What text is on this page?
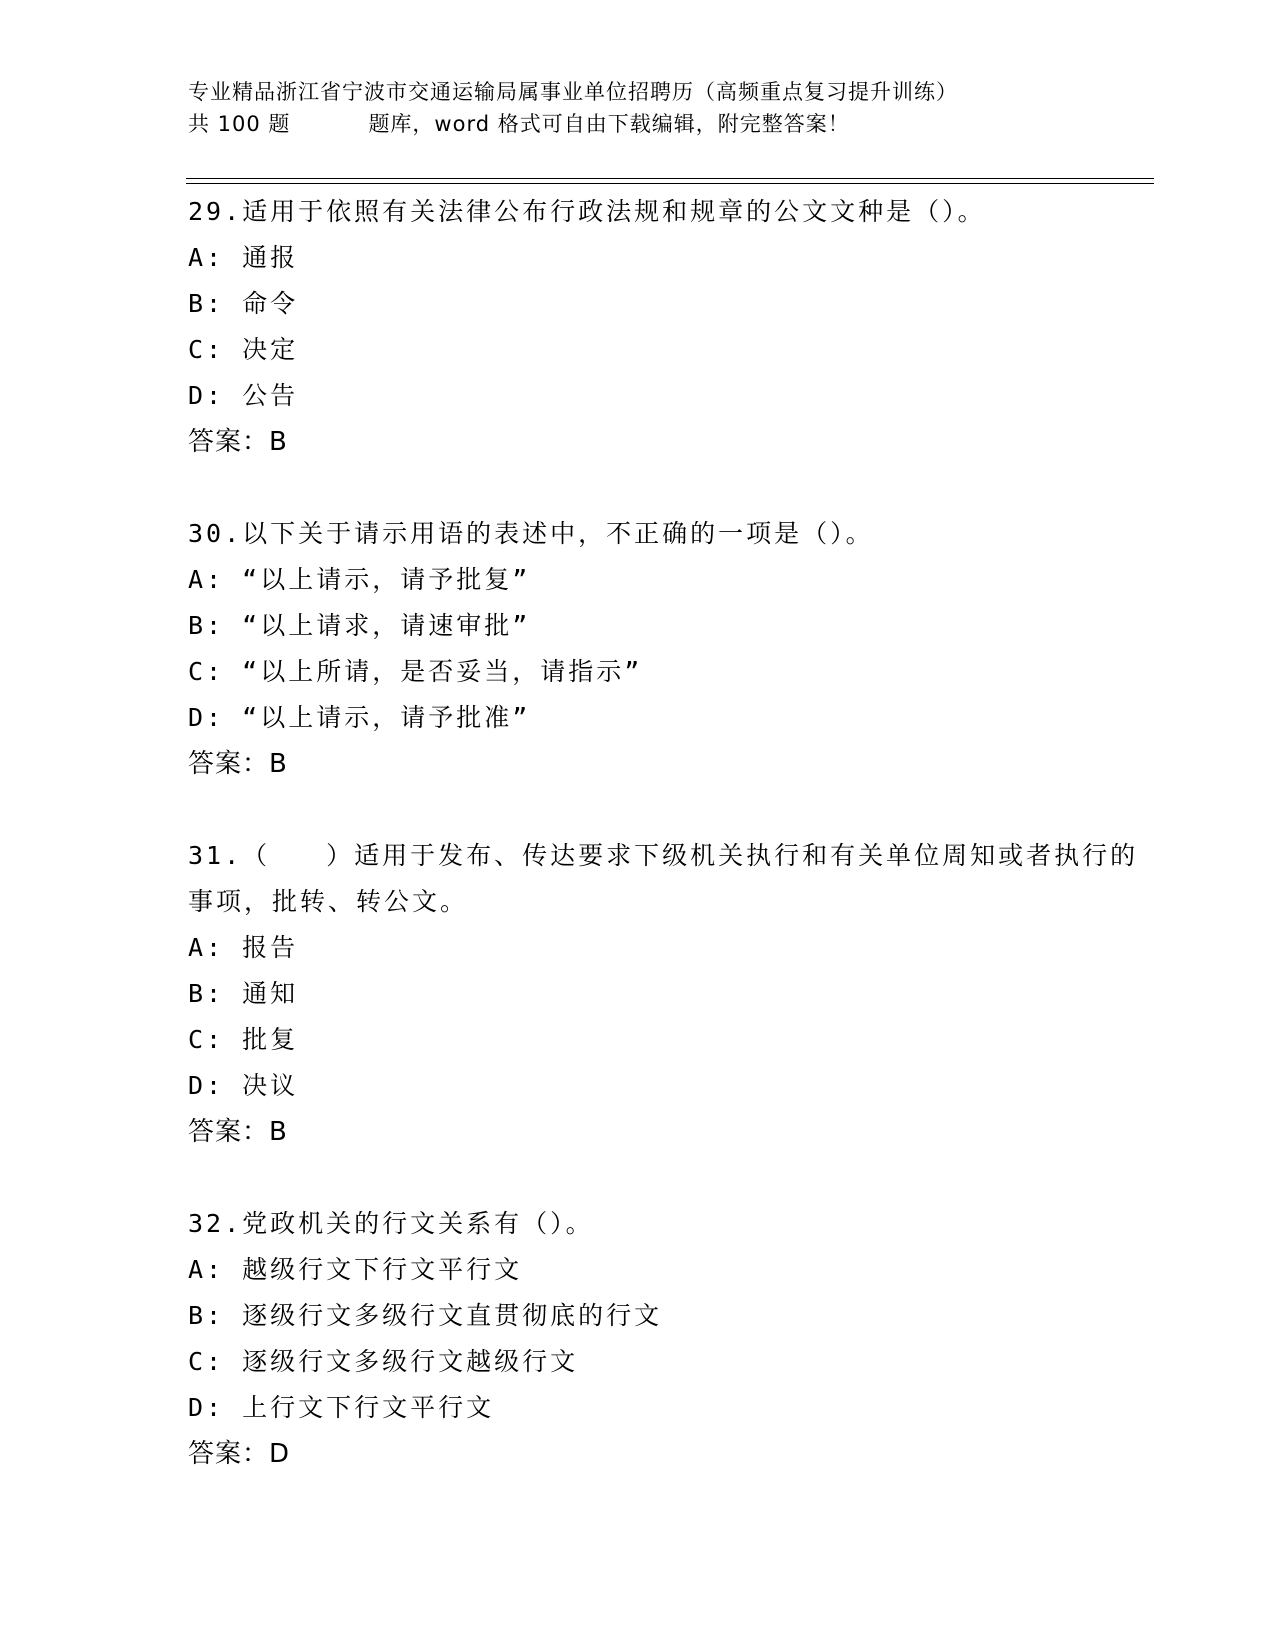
专业精品浙江省宁波市交通运输局属事业单位招聘历（高频重点复习提升训练）
共 100 题	题库，word 格式可自由下载编辑，附完整答案！
29.适用于依照有关法律公布行政法规和规章的公文文种是（）。
A: 通报
B: 命令
C: 决定
D: 公告
答案：B
30.以下关于请示用语的表述中，不正确的一项是（）。
A: “以上请示，请予批复”
B: “以上请求，请速审批”
C: “以上所请，是否妥当，请指示”
D: “以上请示，请予批准”
答案：B
31.（　　）适用于发布、传达要求下级机关执行和有关单位周知或者执行的事项，批转、转公文。
A: 报告
B: 通知
C: 批复
D: 决议
答案：B
32.党政机关的行文关系有（）。
A: 越级行文下行文平行文
B: 逐级行文多级行文直贯彻底的行文
C: 逐级行文多级行文越级行文
D: 上行文下行文平行文
答案：D
